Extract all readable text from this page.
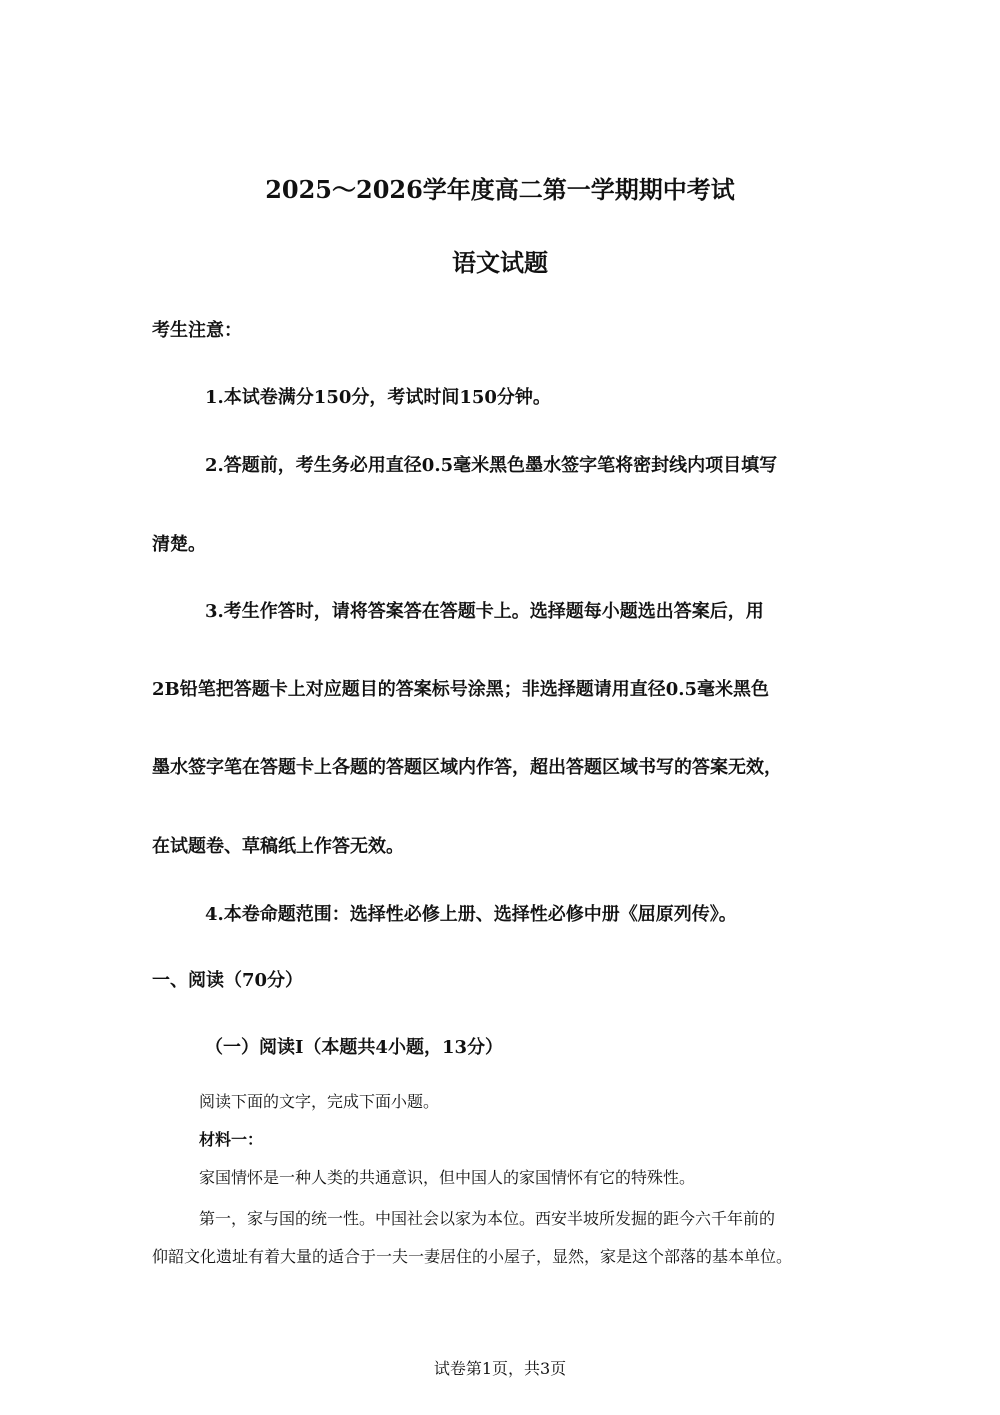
2025～2026学年度高二第一学期期中考试
语文试题
考生注意：
1.本试卷满分150分，考试时间150分钟。
2.答题前，考生务必用直径0.5毫米黑色墨水签字笔将密封线内项目填写
清楚。
3.考生作答时，请将答案答在答题卡上。选择题每小题选出答案后，用
2B铅笔把答题卡上对应题目的答案标号涂黑；非选择题请用直径0.5毫米黑色
墨水签字笔在答题卡上各题的答题区域内作答，超出答题区域书写的答案无效，
在试题卷、草稿纸上作答无效。
4.本卷命题范围：选择性必修上册、选择性必修中册《屈原列传》。
一、阅读（70分）
（一）阅读Ⅰ（本题共4小题，13分）
阅读下面的文字，完成下面小题。
材料一：
家国情怀是一种人类的共通意识，但中国人的家国情怀有它的特殊性。
第一，家与国的统一性。中国社会以家为本位。西安半坡所发掘的距今六千年前的
仰韶文化遗址有着大量的适合于一夫一妻居住的小屋子，显然，家是这个部落的基本单位。
试卷第1页，共3页
